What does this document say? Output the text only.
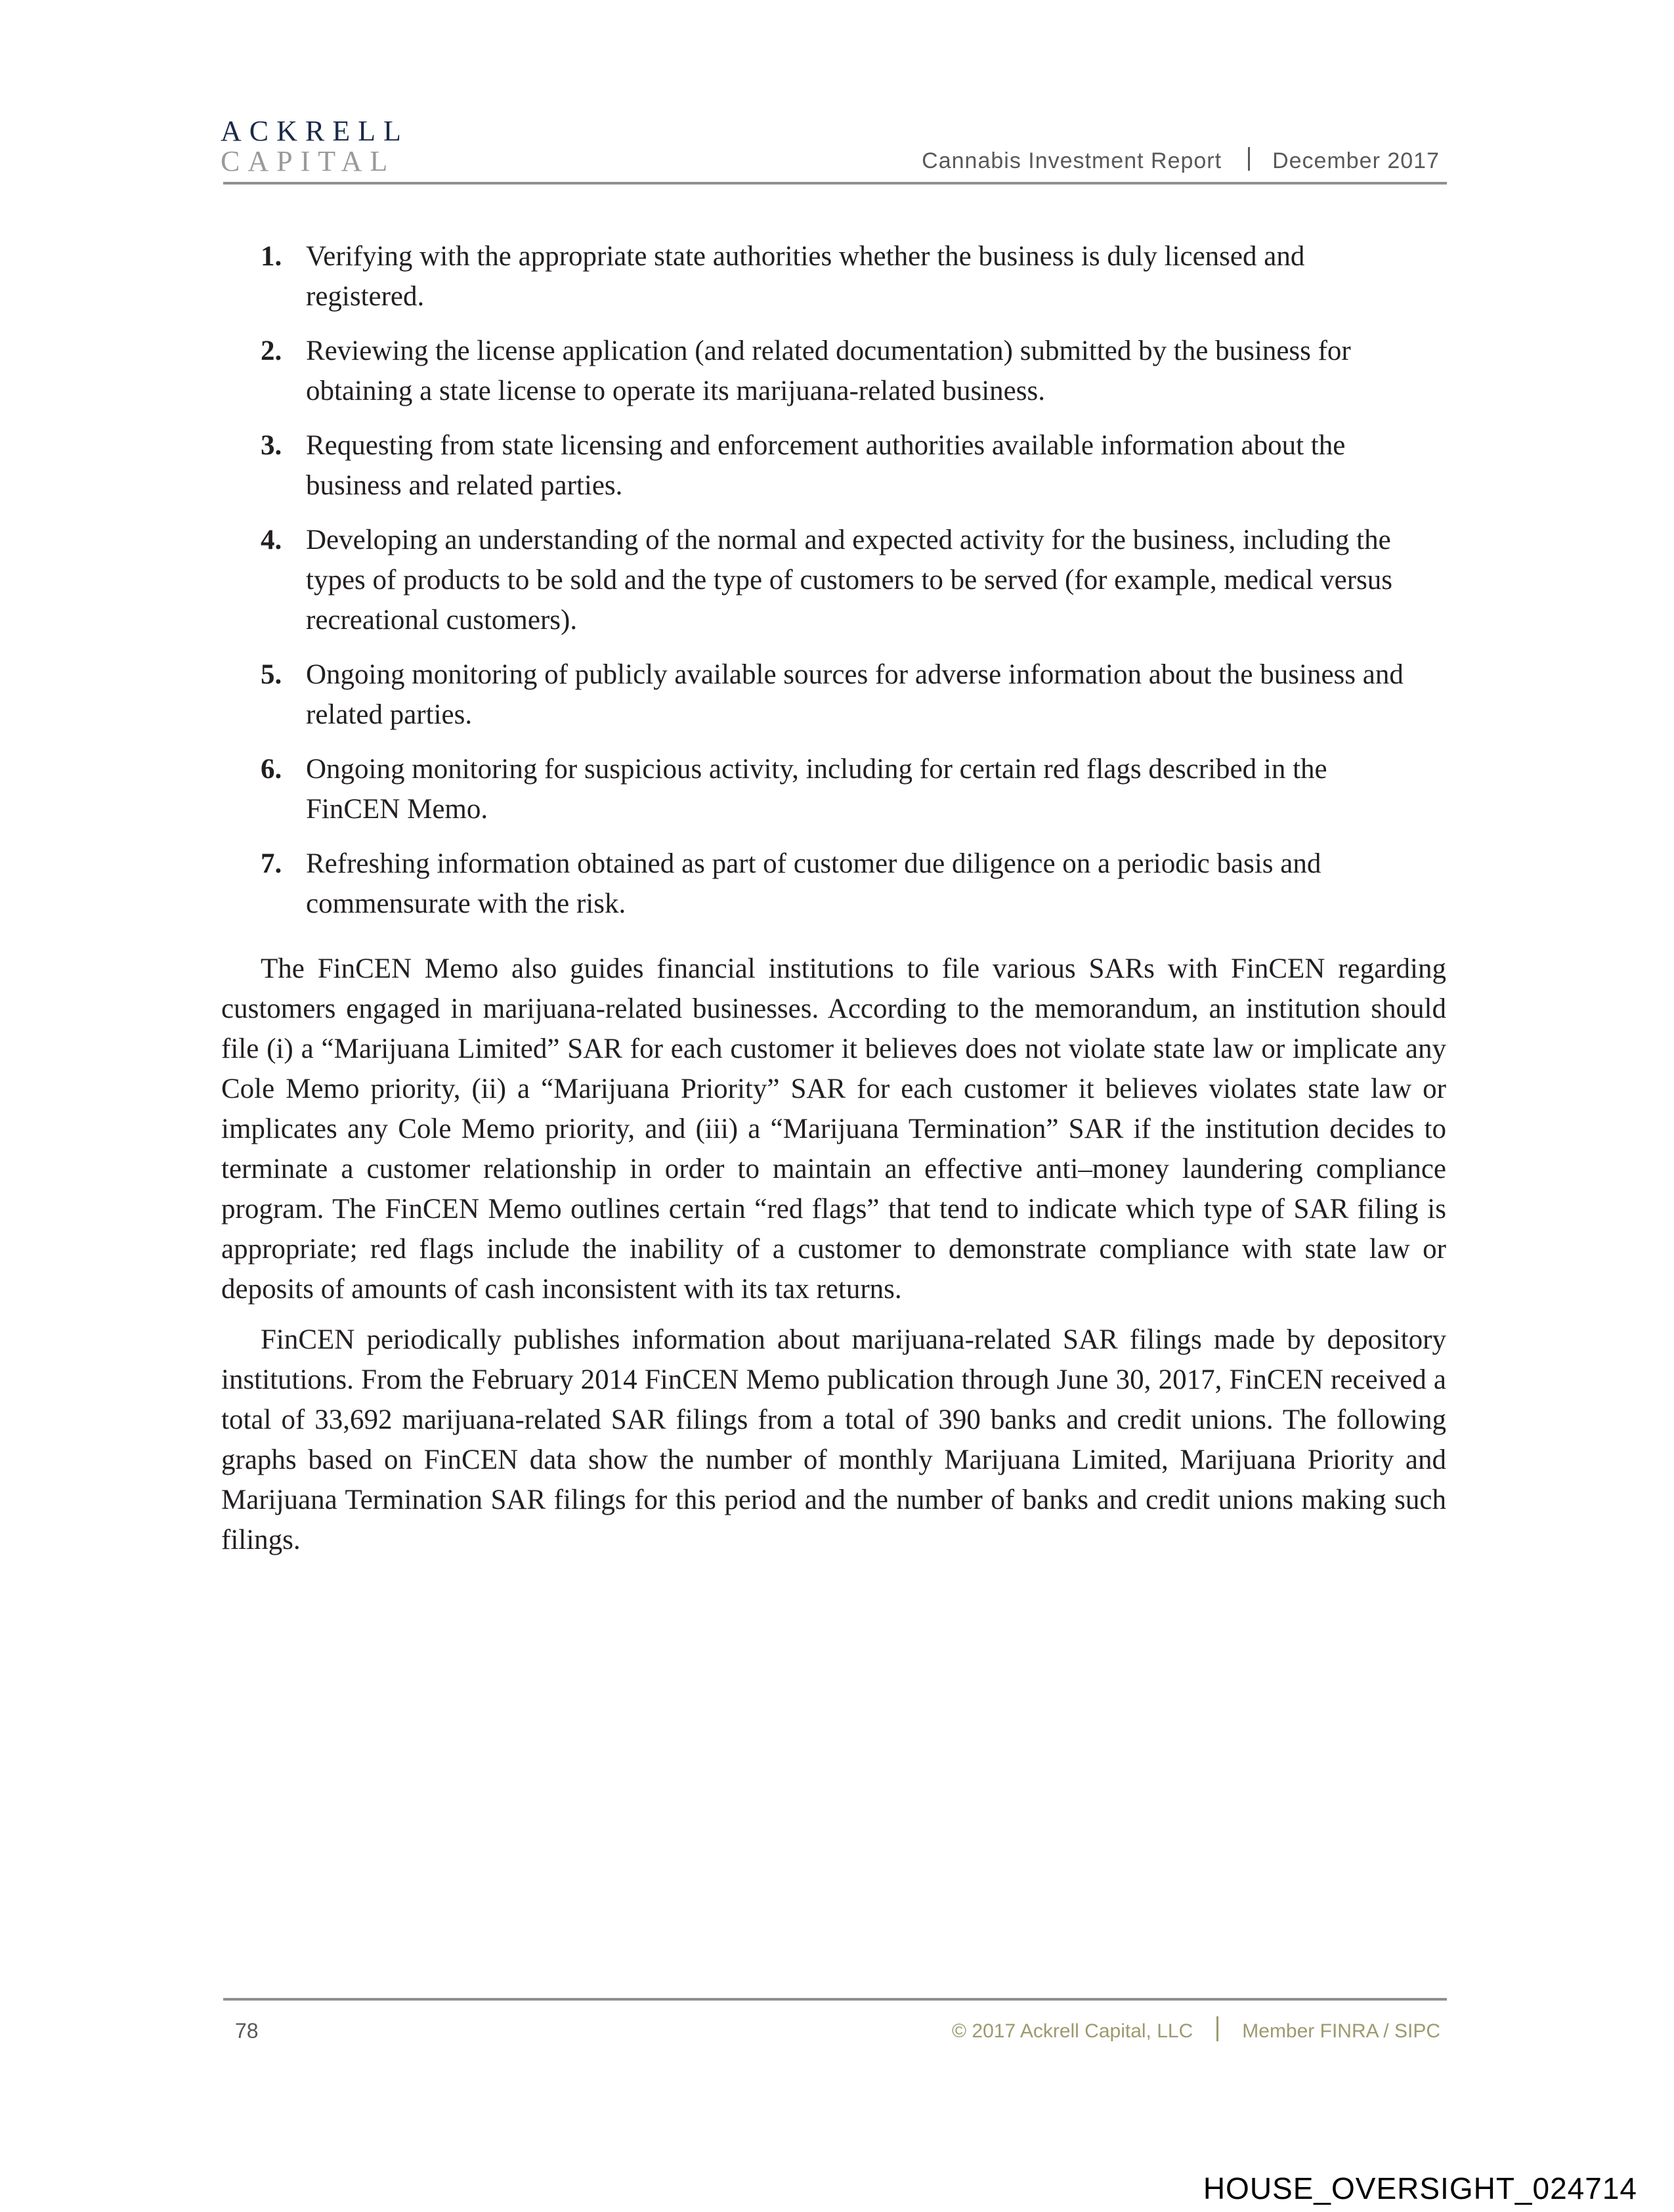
ACKRELL
CAPITAL	Cannabis Investment Report December 2017
1. Verifying with the appropriate state authorities whether the business is duly licensed and registered.
2. Reviewing the license application (and related documentation) submitted by the business for obtaining a state license to operate its marijuana-related business.
3. Requesting from state licensing and enforcement authorities available information about the business and related parties.
4. Developing an understanding of the normal and expected activity for the business, including the types of products to be sold and the type of customers to be served (for example, medical versus recreational customers).
5. Ongoing monitoring of publicly available sources for adverse information about the business and related parties.
6. Ongoing monitoring for suspicious activity, including for certain red flags described in the FinCEN Memo.
7. Refreshing information obtained as part of customer due diligence on a periodic basis and commensurate with the risk.

The FinCEN Memo also guides financial institutions to file various SARs with FinCEN regarding customers engaged in marijuana-related businesses. According to the memorandum, an institution should file (i) a “Marijuana Limited” SAR for each customer it believes does not violate state law or implicate any Cole Memo priority, (ii) a “Marijuana Priority” SAR for each customer it believes violates state law or implicates any Cole Memo priority, and (iii) a “Marijuana Termination” SAR if the institution decides to terminate a customer relationship in order to maintain an effective anti–money laundering compliance program. The FinCEN Memo outlines certain “red flags” that tend to indicate which type of SAR filing is appropriate; red flags include the inability of a customer to demonstrate compliance with state law or deposits of amounts of cash inconsistent with its tax returns.

FinCEN periodically publishes information about marijuana-related SAR filings made by depository institutions. From the February 2014 FinCEN Memo publication through June 30, 2017, FinCEN received a total of 33,692 marijuana-related SAR filings from a total of 390 banks and credit unions. The following graphs based on FinCEN data show the number of monthly Marijuana Limited, Marijuana Priority and Marijuana Termination SAR filings for this period and the number of banks and credit unions making such filings.

78	© 2017 Ackrell Capital, LLC	Member FINRA / SIPC
HOUSE_OVERSIGHT_024714
